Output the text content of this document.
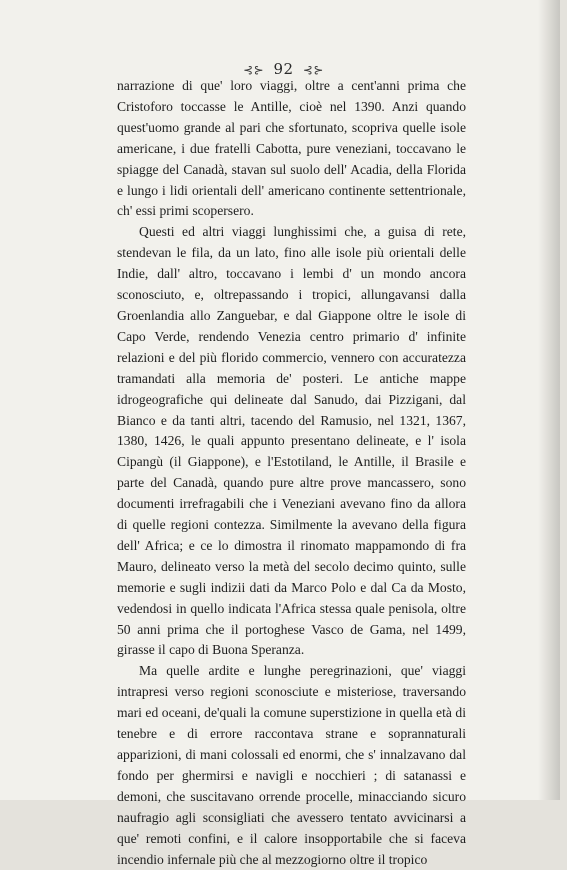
⊰⊱ 92 ⊰⊱

narrazione di que' loro viaggi, oltre a cent'anni prima che Cristoforo toccasse le Antille, cioè nel 1390. Anzi quando quest'uomo grande al pari che sfortunato, scopriva quelle isole americane, i due fratelli Cabotta, pure veneziani, toccavano le spiagge del Canadà, stavan sul suolo dell' Acadia, della Florida e lungo i lidi orientali dell' americano continente settentrionale, ch' essi primi scopersero.

Questi ed altri viaggi lunghissimi che, a guisa di rete, stendevan le fila, da un lato, fino alle isole più orientali delle Indie, dall' altro, toccavano i lembi d' un mondo ancora sconosciuto, e, oltrepassando i tropici, allungavansi dalla Groenlandia allo Zanguebar, e dal Giappone oltre le isole di Capo Verde, rendendo Venezia centro primario d' infinite relazioni e del più florido commercio, vennero con accuratezza tramandati alla memoria de' posteri. Le antiche mappe idrogeografiche qui delineate dal Sanudo, dai Pizzigani, dal Bianco e da tanti altri, tacendo del Ramusio, nel 1321, 1367, 1380, 1426, le quali appunto presentano delineate, e l' isola Cipangù (il Giappone), e l'Estotiland, le Antille, il Brasile e parte del Canadà, quando pure altre prove mancassero, sono documenti irrefragabili che i Veneziani avevano fino da allora di quelle regioni contezza. Similmente la avevano della figura dell' Africa; e ce lo dimostra il rinomato mappamondo di fra Mauro, delineato verso la metà del secolo decimo quinto, sulle memorie e sugli indizii dati da Marco Polo e dal Ca da Mosto, vedendosi in quello indicata l'Africa stessa quale penisola, oltre 50 anni prima che il portoghese Vasco de Gama, nel 1499, girasse il capo di Buona Speranza.

Ma quelle ardite e lunghe peregrinazioni, que' viaggi intrapresi verso regioni sconosciute e misteriose, traversando mari ed oceani, de'quali la comune superstizione in quella età di tenebre e di errore raccontava strane e soprannaturali apparizioni, di mani colossali ed enormi, che s' innalzavano dal fondo per ghermirsi e navigli e nocchieri ; di satanassi e demoni, che suscitavano orrende procelle, minacciando sicuro naufragio agli sconsigliati che avessero tentato avvicinarsi a que' remoti confini, e il calore insopportabile che si faceva incendio infernale più che al mezzogiorno oltre il tropico
